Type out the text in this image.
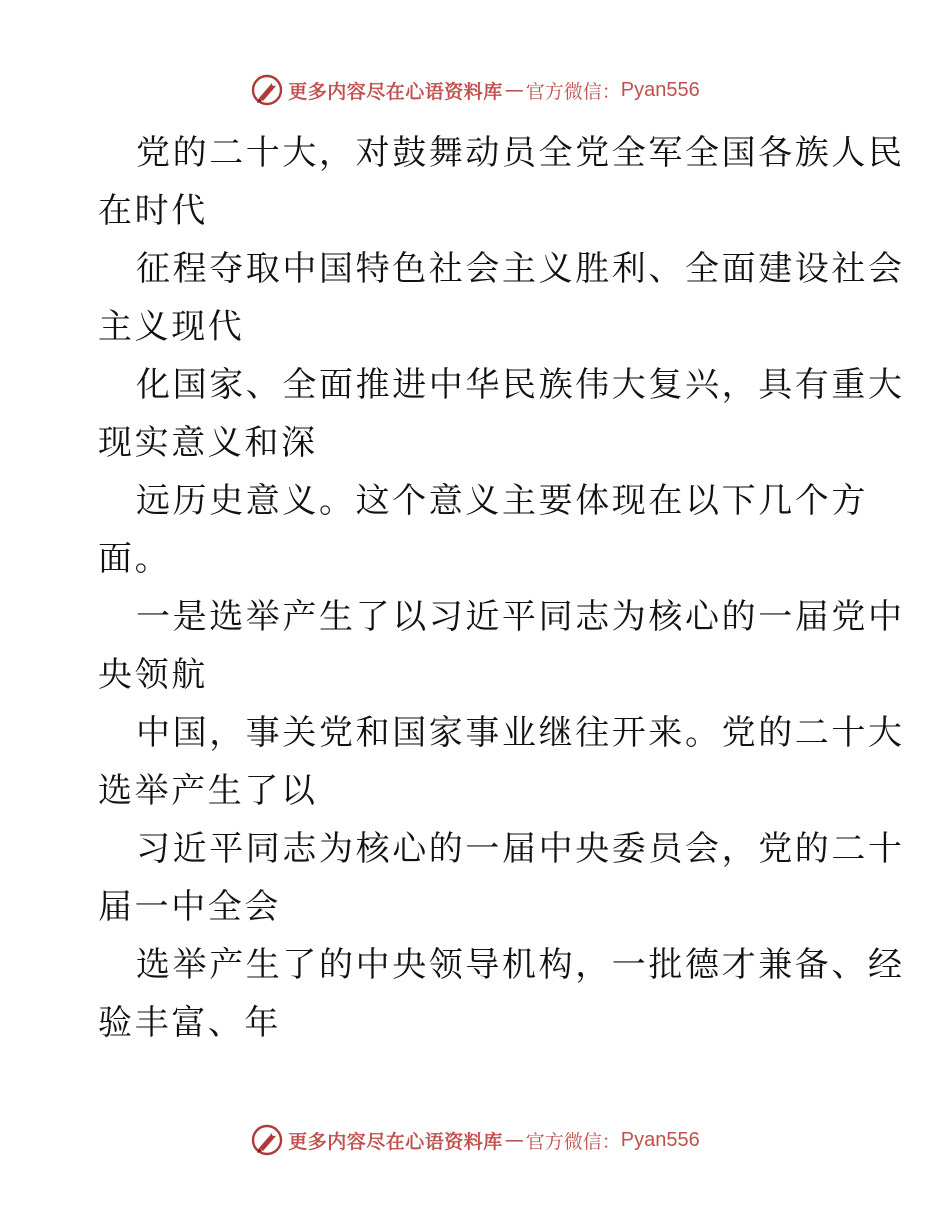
更多内容尽在心语资料库 — 官方微信： Pyan556
党的二十大，对鼓舞动员全党全军全国各族人民
在时代
征程夺取中国特色社会主义胜利、全面建设社会
主义现代
化国家、全面推进中华民族伟大复兴，具有重大
现实意义和深
远历史意义。这个意义主要体现在以下几个方
面。
一是选举产生了以习近平同志为核心的一届党中
央领航
中国，事关党和国家事业继往开来。党的二十大
选举产生了以
习近平同志为核心的一届中央委员会，党的二十
届一中全会
选举产生了的中央领导机构，一批德才兼备、经
验丰富、年
更多内容尽在心语资料库 — 官方微信： Pyan556
